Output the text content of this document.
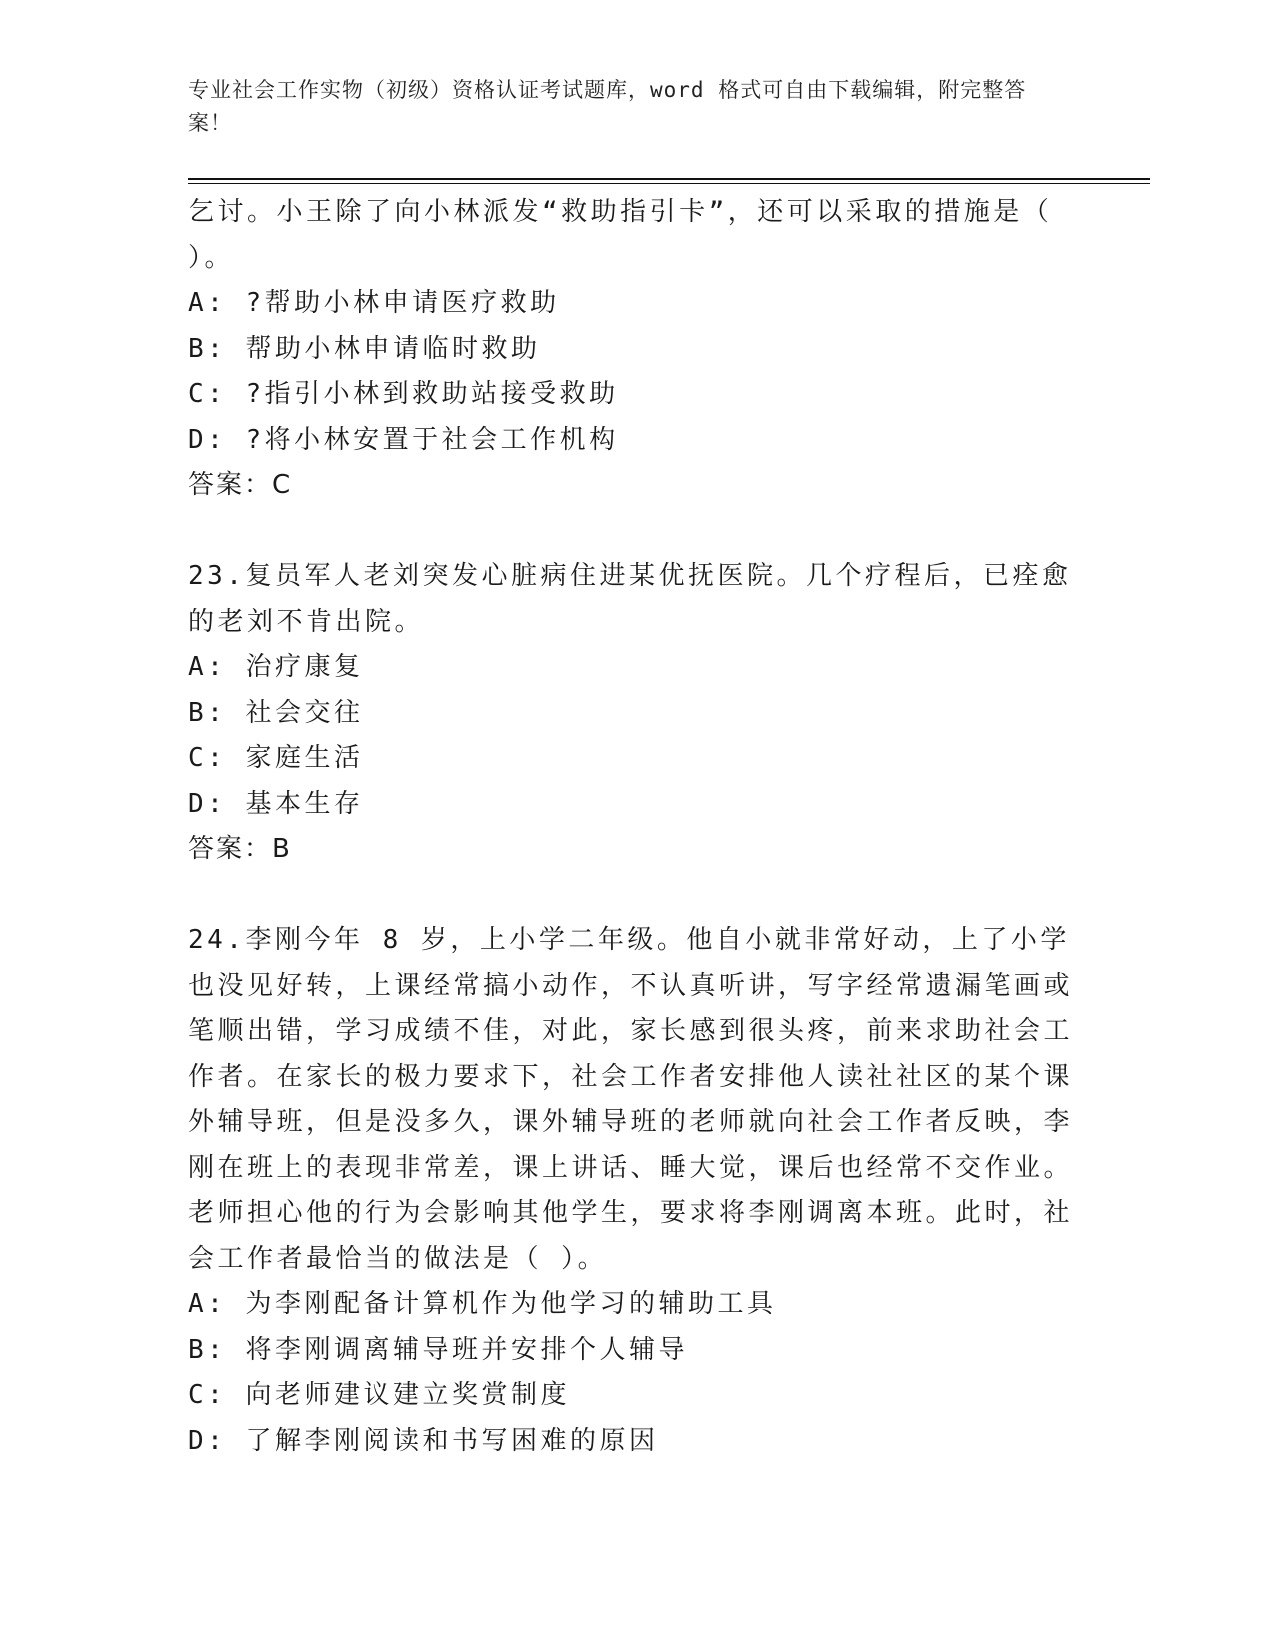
专业社会工作实物（初级）资格认证考试题库，word 格式可自由下载编辑，附完整答案！

乞讨。小王除了向小林派发“救助指引卡”，还可以采取的措施是（ ）。

A: ?帮助小林申请医疗救助

B: 帮助小林申请临时救助

C: ?指引小林到救助站接受救助

D: ?将小林安置于社会工作机构

答案：C

23.复员军人老刘突发心脏病住进某优抚医院。几个疗程后，已痊愈的老刘不肯出院。

A: 治疗康复

B: 社会交往

C: 家庭生活

D: 基本生存

答案：B

24.李刚今年 8 岁，上小学二年级。他自小就非常好动，上了小学也没见好转，上课经常搞小动作，不认真听讲，写字经常遗漏笔画或笔顺出错，学习成绩不佳，对此，家长感到很头疼，前来求助社会工作者。在家长的极力要求下，社会工作者安排他人读社社区的某个课外辅导班，但是没多久，课外辅导班的老师就向社会工作者反映，李刚在班上的表现非常差，课上讲话、睡大觉，课后也经常不交作业。老师担心他的行为会影响其他学生，要求将李刚调离本班。此时，社会工作者最恰当的做法是（ ）。

A: 为李刚配备计算机作为他学习的辅助工具

B: 将李刚调离辅导班并安排个人辅导

C: 向老师建议建立奖赏制度

D: 了解李刚阅读和书写困难的原因
